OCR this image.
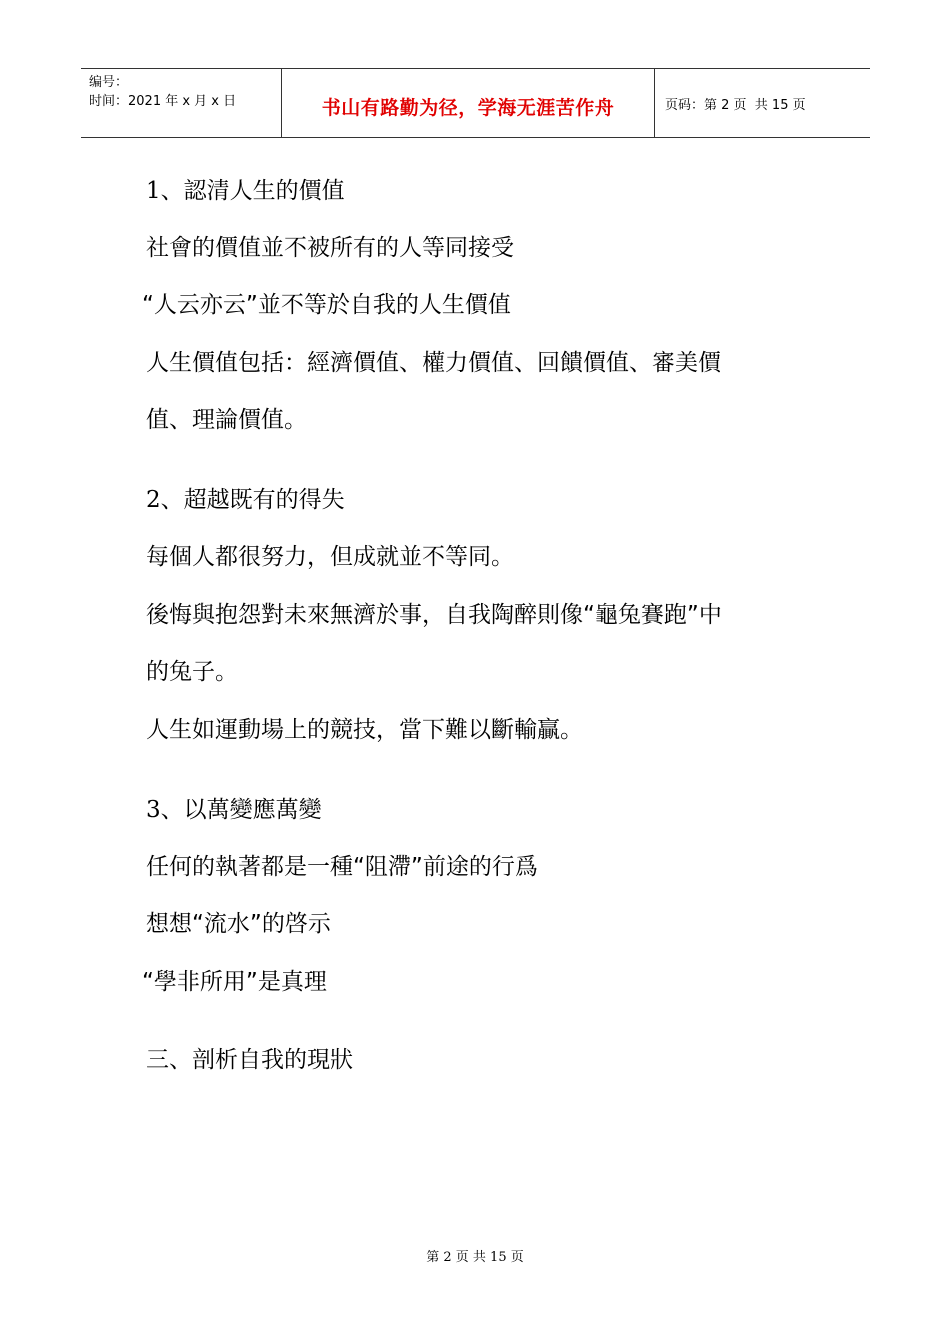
编号：
时间：2021 年 x 月 x 日	书山有路勤为径，学海无涯苦作舟	页码：第 2 页  共 15 页
1、認清人生的價值
社會的價值並不被所有的人等同接受
“人云亦云”並不等於自我的人生價值
人生價值包括：經濟價值、權力價值、回饋價值、審美價
值、理論價值。
2、超越既有的得失
每個人都很努力，但成就並不等同。
後悔與抱怨對未來無濟於事，自我陶醉則像“龜兔賽跑”中
的兔子。
人生如運動場上的競技，當下難以斷輸贏。
3、以萬變應萬變
任何的執著都是一種“阻滯”前途的行爲
想想“流水”的啓示
“學非所用”是真理
三、剖析自我的現狀
第 2 页 共 15 页
